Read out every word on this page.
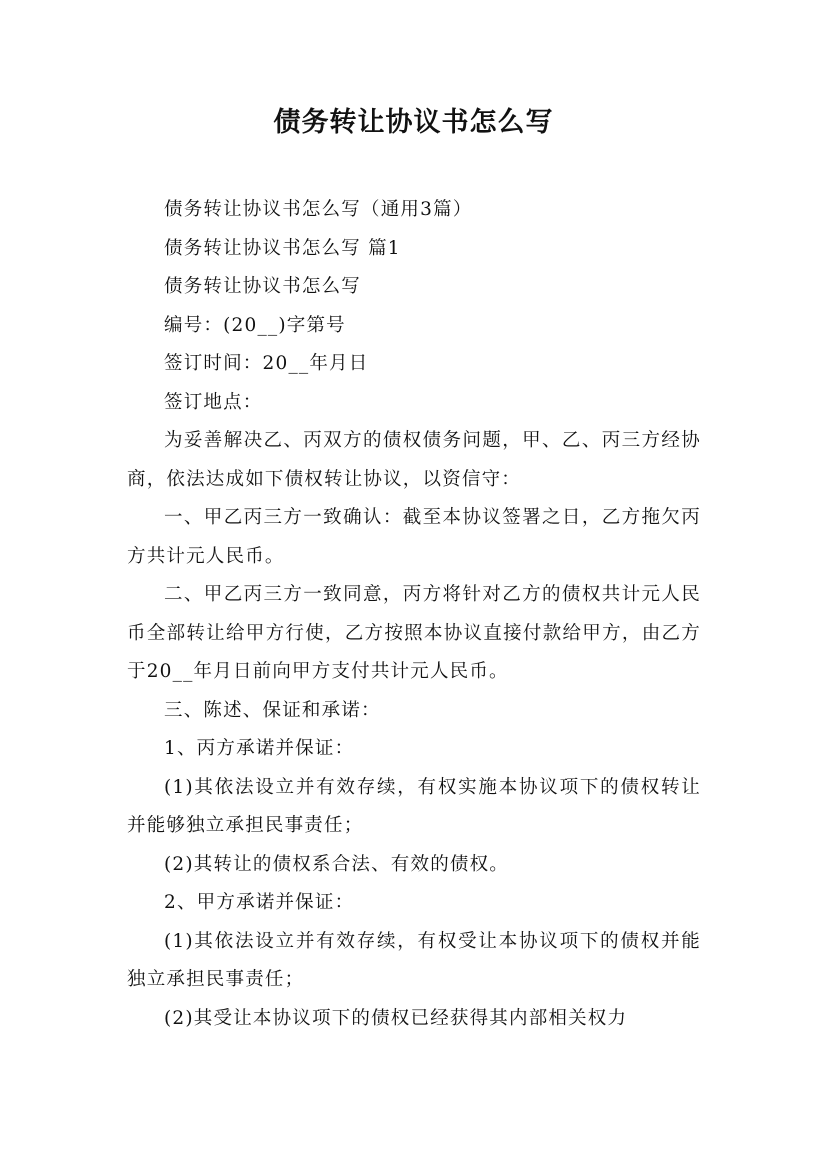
债务转让协议书怎么写

债务转让协议书怎么写（通用3篇）

债务转让协议书怎么写 篇1

债务转让协议书怎么写

编号：(20__)字第号

签订时间：20__年月日

签订地点：

为妥善解决乙、丙双方的债权债务问题，甲、乙、丙三方经协商，依法达成如下债权转让协议，以资信守：

一、甲乙丙三方一致确认：截至本协议签署之日，乙方拖欠丙方共计元人民币。

二、甲乙丙三方一致同意，丙方将针对乙方的债权共计元人民币全部转让给甲方行使，乙方按照本协议直接付款给甲方，由乙方于20__年月日前向甲方支付共计元人民币。

三、陈述、保证和承诺：

1、丙方承诺并保证：

(1)其依法设立并有效存续，有权实施本协议项下的债权转让并能够独立承担民事责任；

(2)其转让的债权系合法、有效的债权。

2、甲方承诺并保证：

(1)其依法设立并有效存续，有权受让本协议项下的债权并能独立承担民事责任；

(2)其受让本协议项下的债权已经获得其内部相关权力
